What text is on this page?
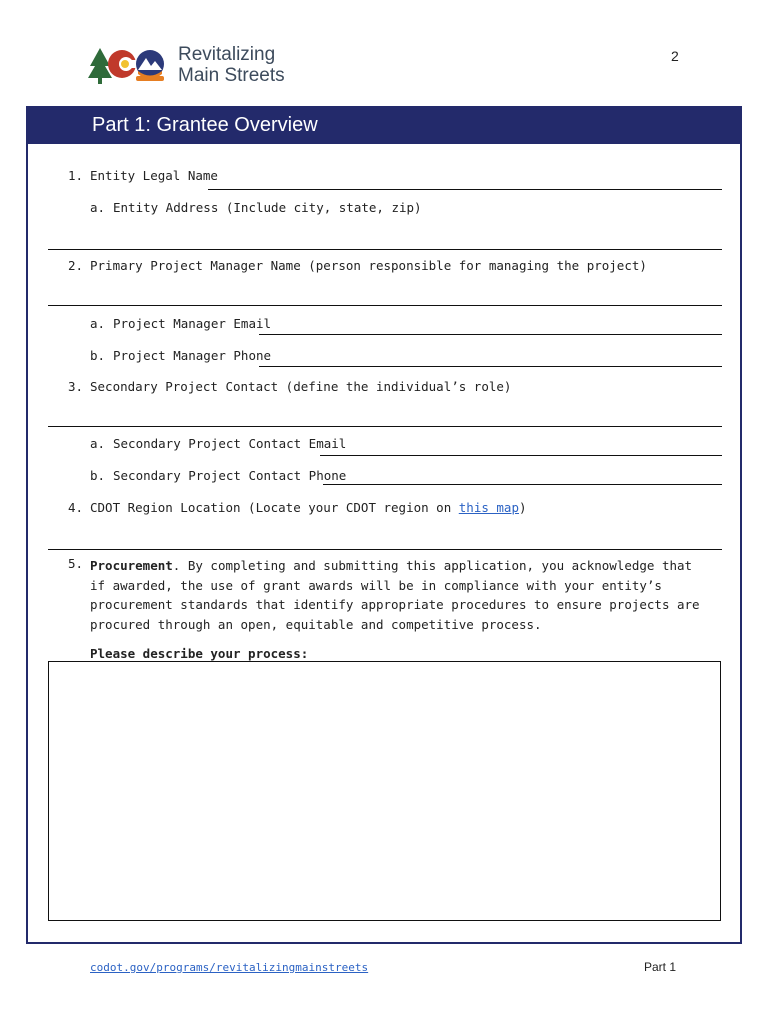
Revitalizing
Main Streets
2
Part 1: Grantee Overview
1. Entity Legal Name
a. Entity Address (Include city, state, zip)
2. Primary Project Manager Name (person responsible for managing the project)
a. Project Manager Email
b. Project Manager Phone
3. Secondary Project Contact (define the individual’s role)
a. Secondary Project Contact Email
b. Secondary Project Contact Phone
4. CDOT Region Location (Locate your CDOT region on this map)
5. Procurement. By completing and submitting this application, you acknowledge that if awarded, the use of grant awards will be in compliance with your entity’s procurement standards that identify appropriate procedures to ensure projects are procured through an open, equitable and competitive process.
Please describe your process:
codot.gov/programs/revitalizingmainstreets	Part 1
